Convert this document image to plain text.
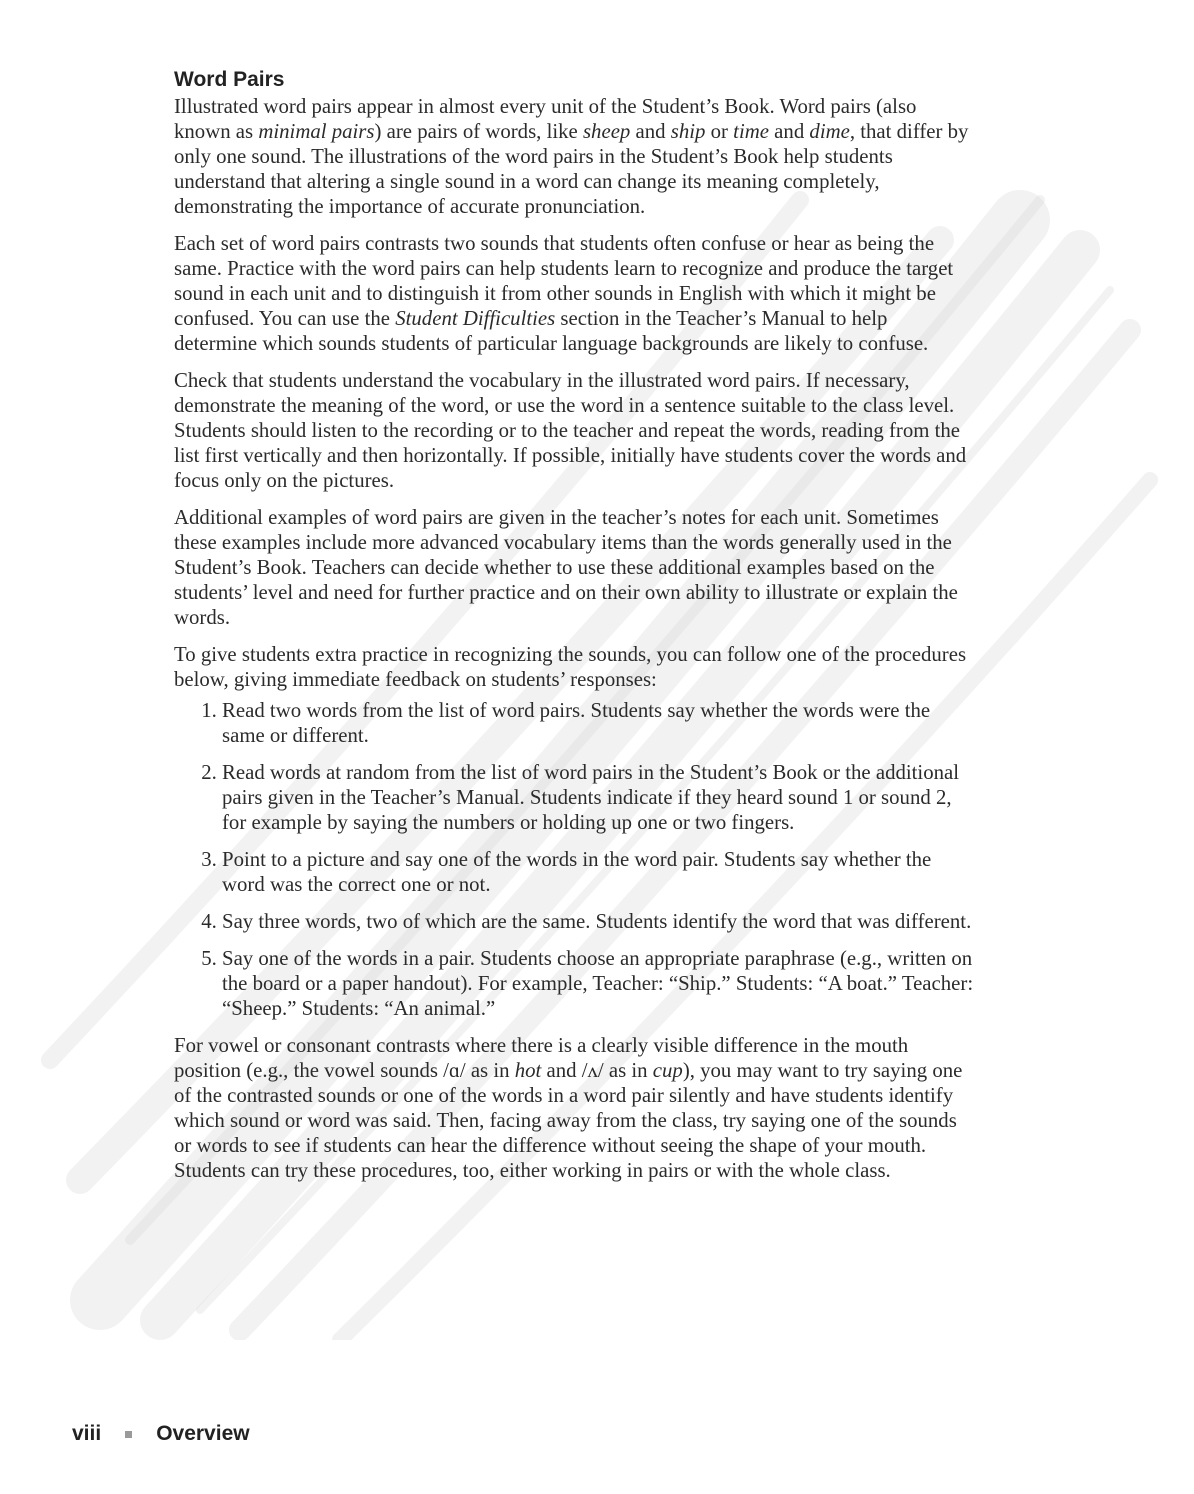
Word Pairs

Illustrated word pairs appear in almost every unit of the Student’s Book. Word pairs (also known as minimal pairs) are pairs of words, like sheep and ship or time and dime, that differ by only one sound. The illustrations of the word pairs in the Student’s Book help students understand that altering a single sound in a word can change its meaning completely, demonstrating the importance of accurate pronunciation.

Each set of word pairs contrasts two sounds that students often confuse or hear as being the same. Practice with the word pairs can help students learn to recognize and produce the target sound in each unit and to distinguish it from other sounds in English with which it might be confused. You can use the Student Difficulties section in the Teacher’s Manual to help determine which sounds students of particular language backgrounds are likely to confuse.

Check that students understand the vocabulary in the illustrated word pairs. If necessary, demonstrate the meaning of the word, or use the word in a sentence suitable to the class level. Students should listen to the recording or to the teacher and repeat the words, reading from the list first vertically and then horizontally. If possible, initially have students cover the words and focus only on the pictures.

Additional examples of word pairs are given in the teacher’s notes for each unit. Sometimes these examples include more advanced vocabulary items than the words generally used in the Student’s Book. Teachers can decide whether to use these additional examples based on the students’ level and need for further practice and on their own ability to illustrate or explain the words.

To give students extra practice in recognizing the sounds, you can follow one of the procedures below, giving immediate feedback on students’ responses:

1. Read two words from the list of word pairs. Students say whether the words were the same or different.
2. Read words at random from the list of word pairs in the Student’s Book or the additional pairs given in the Teacher’s Manual. Students indicate if they heard sound 1 or sound 2, for example by saying the numbers or holding up one or two fingers.
3. Point to a picture and say one of the words in the word pair. Students say whether the word was the correct one or not.
4. Say three words, two of which are the same. Students identify the word that was different.
5. Say one of the words in a pair. Students choose an appropriate paraphrase (e.g., written on the board or a paper handout). For example, Teacher: “Ship.” Students: “A boat.” Teacher: “Sheep.” Students: “An animal.”

For vowel or consonant contrasts where there is a clearly visible difference in the mouth position (e.g., the vowel sounds /ɑ/ as in hot and /ʌ/ as in cup), you may want to try saying one of the contrasted sounds or one of the words in a word pair silently and have students identify which sound or word was said. Then, facing away from the class, try saying one of the sounds or words to see if students can hear the difference without seeing the shape of your mouth. Students can try these procedures, too, either working in pairs or with the whole class.

viii	Overview
